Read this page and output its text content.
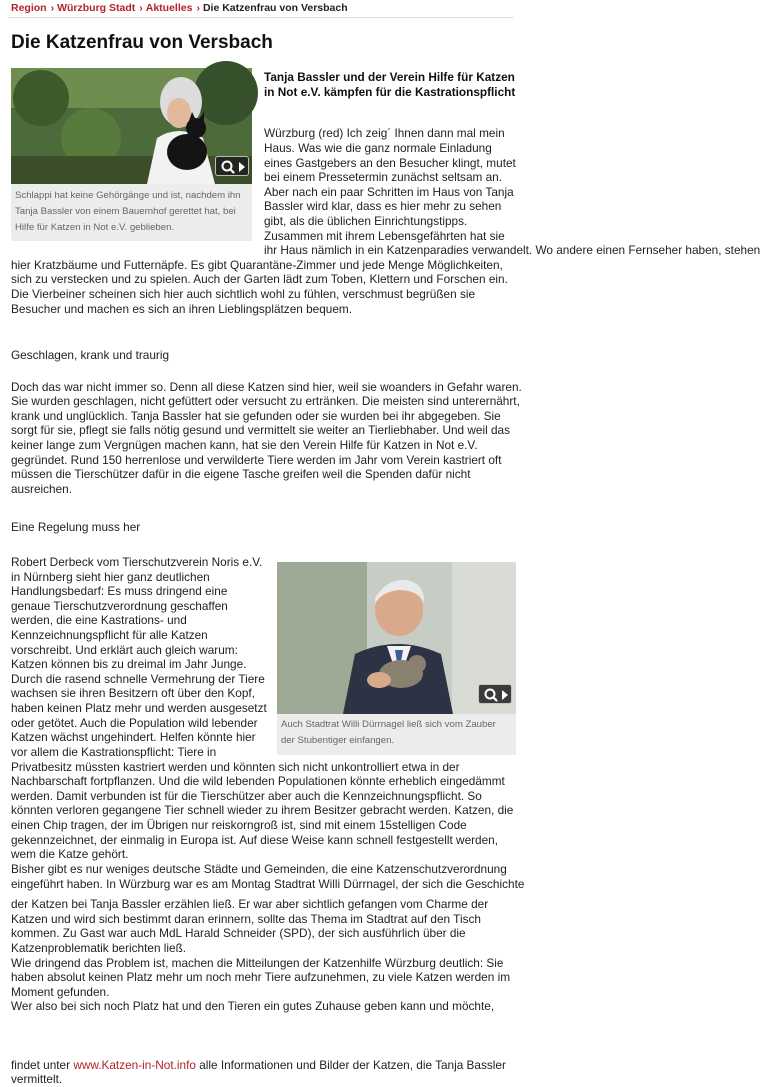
Region › Würzburg Stadt › Aktuelles › Die Katzenfrau von Versbach
Die Katzenfrau von Versbach
Schlappi hat keine Gehörgänge und ist, nachdem ihn Tanja Bassler von einem Bauernhof gerettet hat, bei Hilfe für Katzen in Not e.V. geblieben.
Tanja Bassler und der Verein Hilfe für Katzen in Not e.V. kämpfen für die Kastrationspflicht
Auch Stadtrat Willi Dürrnagel ließ sich vom Zauber der Stubentiger einfangen.
Würzburg (red) Ich zeig´ Ihnen dann mal mein
Haus. Was wie die ganz normale Einladung
eines Gastgebers an den Besucher klingt, mutet
bei einem Pressetermin zunächst seltsam an.
Aber nach ein paar Schritten im Haus von Tanja
Bassler wird klar, dass es hier mehr zu sehen
gibt, als die üblichen Einrichtungstipps.
Zusammen mit ihrem Lebensgefährten hat sie
ihr Haus nämlich in ein Katzenparadies verwandelt. Wo andere einen Fernseher haben, stehen
hier Kratzbäume und Futternäpfe. Es gibt Quarantäne-Zimmer und jede Menge Möglichkeiten,
sich zu verstecken und zu spielen. Auch der Garten lädt zum Toben, Klettern und Forschen ein.
Die Vierbeiner scheinen sich hier auch sichtlich wohl zu fühlen, verschmust begrüßen sie
Besucher und machen es sich an ihren Lieblingsplätzen bequem.
Geschlagen, krank und traurig
Doch das war nicht immer so. Denn all diese Katzen sind hier, weil sie woanders in Gefahr waren.
Sie wurden geschlagen, nicht gefüttert oder versucht zu ertränken. Die meisten sind unterernährt,
krank und unglücklich. Tanja Bassler hat sie gefunden oder sie wurden bei ihr abgegeben. Sie
sorgt für sie, pflegt sie falls nötig gesund und vermittelt sie weiter an Tierliebhaber. Und weil das
keiner lange zum Vergnügen machen kann, hat sie den Verein Hilfe für Katzen in Not e.V.
gegründet. Rund 150 herrenlose und verwilderte Tiere werden im Jahr vom Verein kastriert oft
müssen die Tierschützer dafür in die eigene Tasche greifen weil die Spenden dafür nicht
ausreichen.
Eine Regelung muss her
Robert Derbeck vom Tierschutzverein Noris e.V.
in Nürnberg sieht hier ganz deutlichen
Handlungsbedarf: Es muss dringend eine
genaue Tierschutzverordnung geschaffen
werden, die eine Kastrations- und
Kennzeichnungspflicht für alle Katzen
vorschreibt. Und erklärt auch gleich warum:
Katzen können bis zu dreimal im Jahr Junge.
Durch die rasend schnelle Vermehrung der Tiere
wachsen sie ihren Besitzern oft über den Kopf,
haben keinen Platz mehr und werden ausgesetzt
oder getötet. Auch die Population wild lebender
Katzen wächst ungehindert. Helfen könnte hier
vor allem die Kastrationspflicht: Tiere in
Privatbesitz müssten kastriert werden und könnten sich nicht unkontrolliert etwa in der
Nachbarschaft fortpflanzen. Und die wild lebenden Populationen könnte erheblich eingedämmt
werden. Damit verbunden ist für die Tierschützer aber auch die Kennzeichnungspflicht. So
könnten verloren gegangene Tier schnell wieder zu ihrem Besitzer gebracht werden. Katzen, die
einen Chip tragen, der im Übrigen nur reiskorngroß ist, sind mit einem 15stelligen Code
gekennzeichnet, der einmalig in Europa ist. Auf diese Weise kann schnell festgestellt werden,
wem die Katze gehört.
Bisher gibt es nur weniges deutsche Städte und Gemeinden, die eine Katzenschutzverordnung
eingeführt haben. In Würzburg war es am Montag Stadtrat Willi Dürrnagel, der sich die Geschichte
der Katzen bei Tanja Bassler erzählen ließ. Er war aber sichtlich gefangen vom Charme der
Katzen und wird sich bestimmt daran erinnern, sollte das Thema im Stadtrat auf den Tisch
kommen. Zu Gast war auch MdL Harald Schneider (SPD), der sich ausführlich über die
Katzenproblematik berichten ließ.
Wie dringend das Problem ist, machen die Mitteilungen der Katzenhilfe Würzburg deutlich: Sie
haben absolut keinen Platz mehr um noch mehr Tiere aufzunehmen, zu viele Katzen werden im
Moment gefunden.
Wer also bei sich noch Platz hat und den Tieren ein gutes Zuhause geben kann und möchte,
findet unter www.Katzen-in-Not.info alle Informationen und Bilder der Katzen, die Tanja Bassler
vermittelt.
